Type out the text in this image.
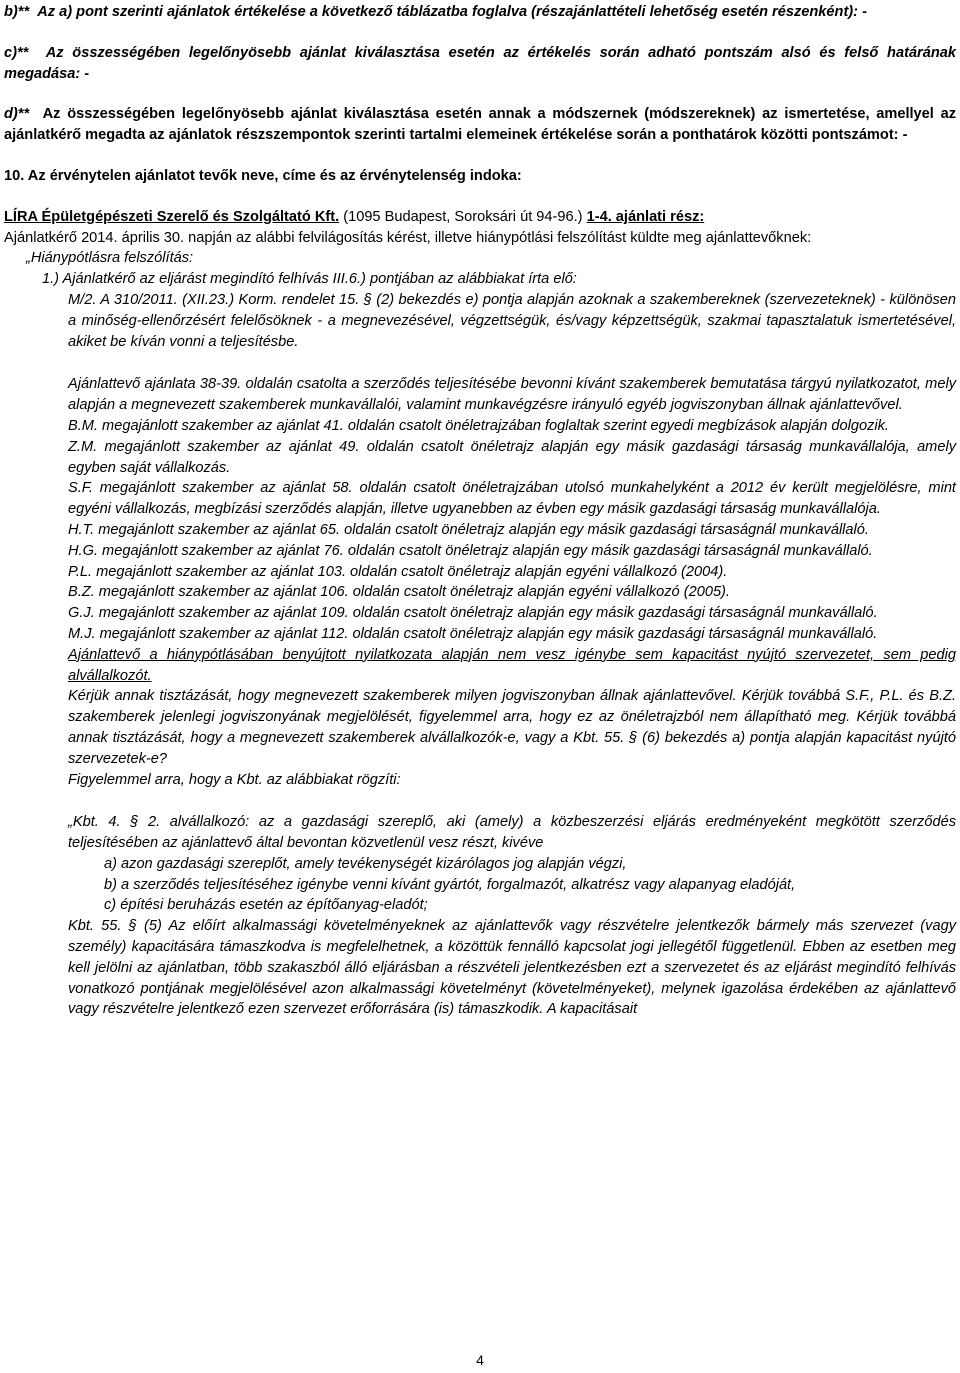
b)** Az a) pont szerinti ajánlatok értékelése a következő táblázatba foglalva (részajánlattételi lehetőség esetén részenként): -

c)** Az összességében legelőnyösebb ajánlat kiválasztása esetén az értékelés során adható pontszám alsó és felső határának megadása: -

d)** Az összességében legelőnyösebb ajánlat kiválasztása esetén annak a módszernek (módszereknek) az ismertetése, amellyel az ajánlatkérő megadta az ajánlatok részszempontok szerinti tartalmi elemeinek értékelése során a ponthatárok közötti pontszámot: -

10. Az érvénytelen ajánlatot tevők neve, címe és az érvénytelenség indoka:

LÍRA Épületgépészeti Szerelő és Szolgáltató Kft. (1095 Budapest, Soroksári út 94-96.) 1-4. ajánlati rész:

Ajánlatkérő 2014. április 30. napján az alábbi felvilágosítás kérést, illetve hiánypótlási felszólítást küldte meg ajánlattevőknek:

„Hiánypótlásra felszólítás:

1.) Ajánlatkérő az eljárást megindító felhívás III.6.) pontjában az alábbiakat írta elő:

M/2. A 310/2011. (XII.23.) Korm. rendelet 15. § (2) bekezdés e) pontja alapján azoknak a szakembereknek (szervezeteknek) - különösen a minőség-ellenőrzésért felelősöknek - a megnevezésével, végzettségük, és/vagy képzettségük, szakmai tapasztalatuk ismertetésével, akiket be kíván vonni a teljesítésbe.

Ajánlattevő ajánlata 38-39. oldalán csatolta a szerződés teljesítésébe bevonni kívánt szakemberek bemutatása tárgyú nyilatkozatot, mely alapján a megnevezett szakemberek munkavállalói, valamint munkavégzésre irányuló egyéb jogviszonyban állnak ajánlattevővel.

B.M. megajánlott szakember az ajánlat 41. oldalán csatolt önéletrajzában foglaltak szerint egyedi megbízások alapján dolgozik.

Z.M. megajánlott szakember az ajánlat 49. oldalán csatolt önéletrajz alapján egy másik gazdasági társaság munkavállalója, amely egyben saját vállalkozás.

S.F. megajánlott szakember az ajánlat 58. oldalán csatolt önéletrajzában utolsó munkahelyként a 2012 év került megjelölésre, mint egyéni vállalkozás, megbízási szerződés alapján, illetve ugyanebben az évben egy másik gazdasági társaság munkavállalója.

H.T. megajánlott szakember az ajánlat 65. oldalán csatolt önéletrajz alapján egy másik gazdasági társaságnál munkavállaló.

H.G. megajánlott szakember az ajánlat 76. oldalán csatolt önéletrajz alapján egy másik gazdasági társaságnál munkavállaló.

P.L. megajánlott szakember az ajánlat 103. oldalán csatolt önéletrajz alapján egyéni vállalkozó (2004).

B.Z. megajánlott szakember az ajánlat 106. oldalán csatolt önéletrajz alapján egyéni vállalkozó (2005).

G.J. megajánlott szakember az ajánlat 109. oldalán csatolt önéletrajz alapján egy másik gazdasági társaságnál munkavállaló.

M.J. megajánlott szakember az ajánlat 112. oldalán csatolt önéletrajz alapján egy másik gazdasági társaságnál munkavállaló.

Ajánlattevő a hiánypótlásában benyújtott nyilatkozata alapján nem vesz igénybe sem kapacitást nyújtó szervezetet, sem pedig alvállalkozót.

Kérjük annak tisztázását, hogy megnevezett szakemberek milyen jogviszonyban állnak ajánlattevővel. Kérjük továbbá S.F., P.L. és B.Z. szakemberek jelenlegi jogviszonyának megjelölését, figyelemmel arra, hogy ez az önéletrajzból nem állapítható meg. Kérjük továbbá annak tisztázását, hogy a megnevezett szakemberek alvállalkozók-e, vagy a Kbt. 55. § (6) bekezdés a) pontja alapján kapacitást nyújtó szervezetek-e?

Figyelemmel arra, hogy a Kbt. az alábbiakat rögzíti:

„Kbt. 4. § 2. alvállalkozó: az a gazdasági szereplő, aki (amely) a közbeszerzési eljárás eredményeként megkötött szerződés teljesítésében az ajánlattevő által bevontan közvetlenül vesz részt, kivéve

a) azon gazdasági szereplőt, amely tevékenységét kizárólagos jog alapján végzi,

b) a szerződés teljesítéséhez igénybe venni kívánt gyártót, forgalmazót, alkatrész vagy alapanyag eladóját,

c) építési beruházás esetén az építőanyag-eladót;

Kbt. 55. § (5) Az előírt alkalmassági követelményeknek az ajánlattevők vagy részvételre jelentkezők bármely más szervezet (vagy személy) kapacitására támaszkodva is megfelelhetnek, a közöttük fennálló kapcsolat jogi jellegétől függetlenül. Ebben az esetben meg kell jelölni az ajánlatban, több szakaszból álló eljárásban a részvételi jelentkezésben ezt a szervezetet és az eljárást megindító felhívás vonatkozó pontjának megjelölésével azon alkalmassági követelményt (követelményeket), melynek igazolása érdekében az ajánlattevő vagy részvételre jelentkező ezen szervezet erőforrására (is) támaszkodik. A kapacitásait

4
